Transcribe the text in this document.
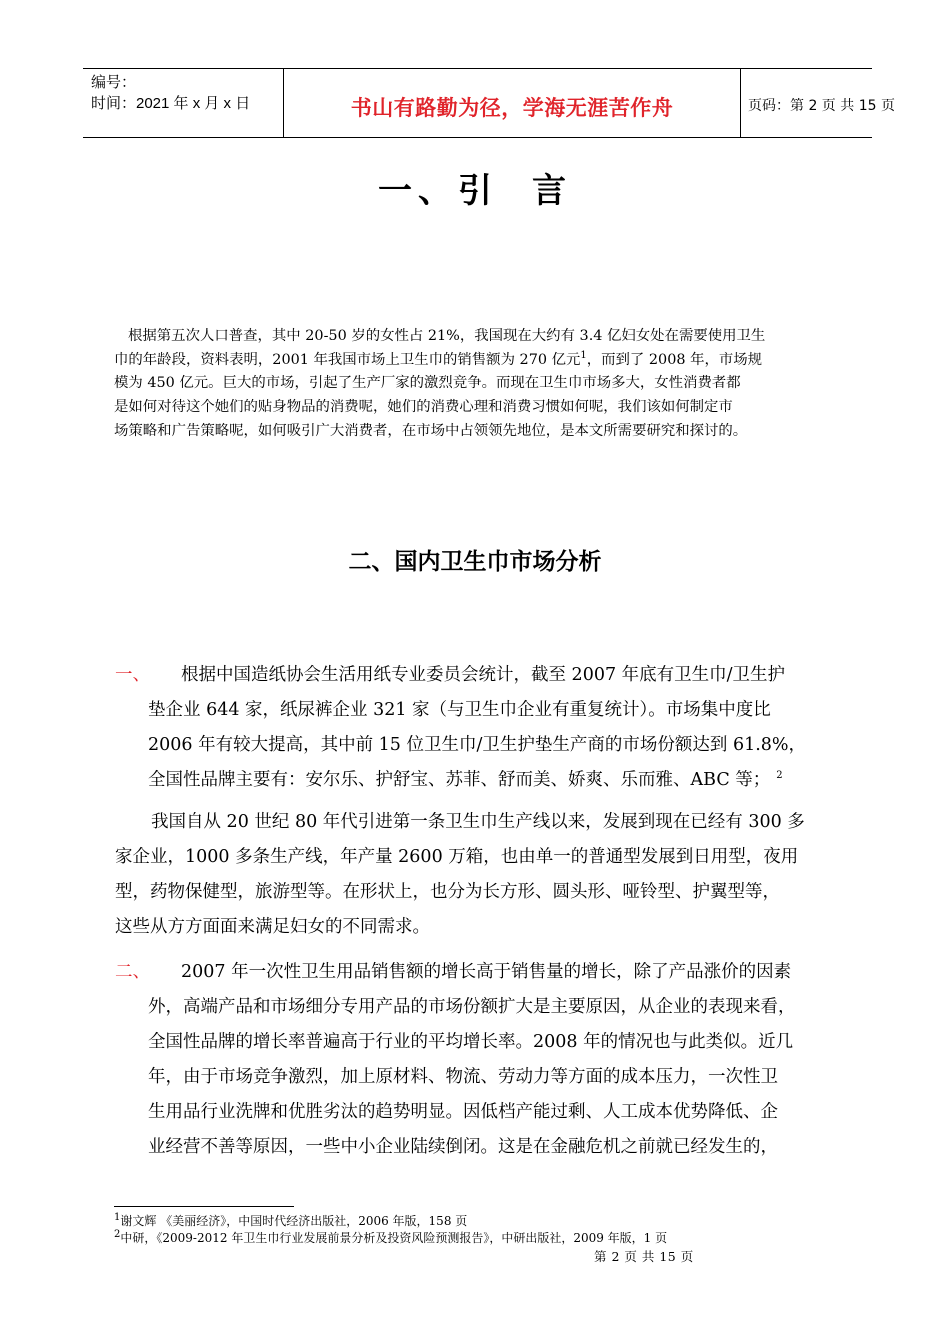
编号：
时间：2021 年 x 月 x 日	书山有路勤为径，学海无涯苦作舟	页码：第 2 页 共 15 页
一、引 言

根据第五次人口普查，其中 20-50 岁的女性占 21%，我国现在大约有 3.4 亿妇女处在需要使用卫生

巾的年龄段，资料表明，2001 年我国市场上卫生巾的销售额为 270 亿元$^1$，而到了 2008 年，市场规

模为 450 亿元。巨大的市场，引起了生产厂家的激烈竞争。而现在卫生巾市场多大，女性消费者都

是如何对待这个她们的贴身物品的消费呢，她们的消费心理和消费习惯如何呢，我们该如何制定市

场策略和广告策略呢，如何吸引广大消费者，在市场中占领领先地位，是本文所需要研究和探讨的。

二、国内卫生巾市场分析
一、 根据中国造纸协会生活用纸专业委员会统计，截至 2007 年底有卫生巾/卫生护
垫企业 644 家，纸尿裤企业 321 家（与卫生巾企业有重复统计）。市场集中度比
2006 年有较大提高，其中前 15 位卫生巾/卫生护垫生产商的市场份额达到 61.8%，
全国性品牌主要有：安尔乐、护舒宝、苏菲、舒而美、娇爽、乐而雅、ABC 等； $^2$
我国自从 20 世纪 80 年代引进第一条卫生巾生产线以来，发展到现在已经有 300 多
家企业，1000 多条生产线，年产量 2600 万箱，也由单一的普通型发展到日用型，夜用
型，药物保健型，旅游型等。在形状上，也分为长方形、圆头形、哑铃型、护翼型等，
这些从方方面面来满足妇女的不同需求。
二、 2007 年一次性卫生用品销售额的增长高于销售量的增长，除了产品涨价的因素
外，高端产品和市场细分专用产品的市场份额扩大是主要原因，从企业的表现来看，
全国性品牌的增长率普遍高于行业的平均增长率。2008 年的情况也与此类似。近几
年，由于市场竞争激烈，加上原材料、物流、劳动力等方面的成本压力，一次性卫
生用品行业洗牌和优胜劣汰的趋势明显。因低档产能过剩、人工成本优势降低、企
业经营不善等原因，一些中小企业陆续倒闭。这是在金融危机之前就已经发生的，
$^1$谢文辉 《美丽经济》，中国时代经济出版社，2006 年版，158 页
$^2$中研，《2009-2012 年卫生巾行业发展前景分析及投资风险预测报告》，中研出版社，2009 年版，1 页
第 2 页 共 15 页
